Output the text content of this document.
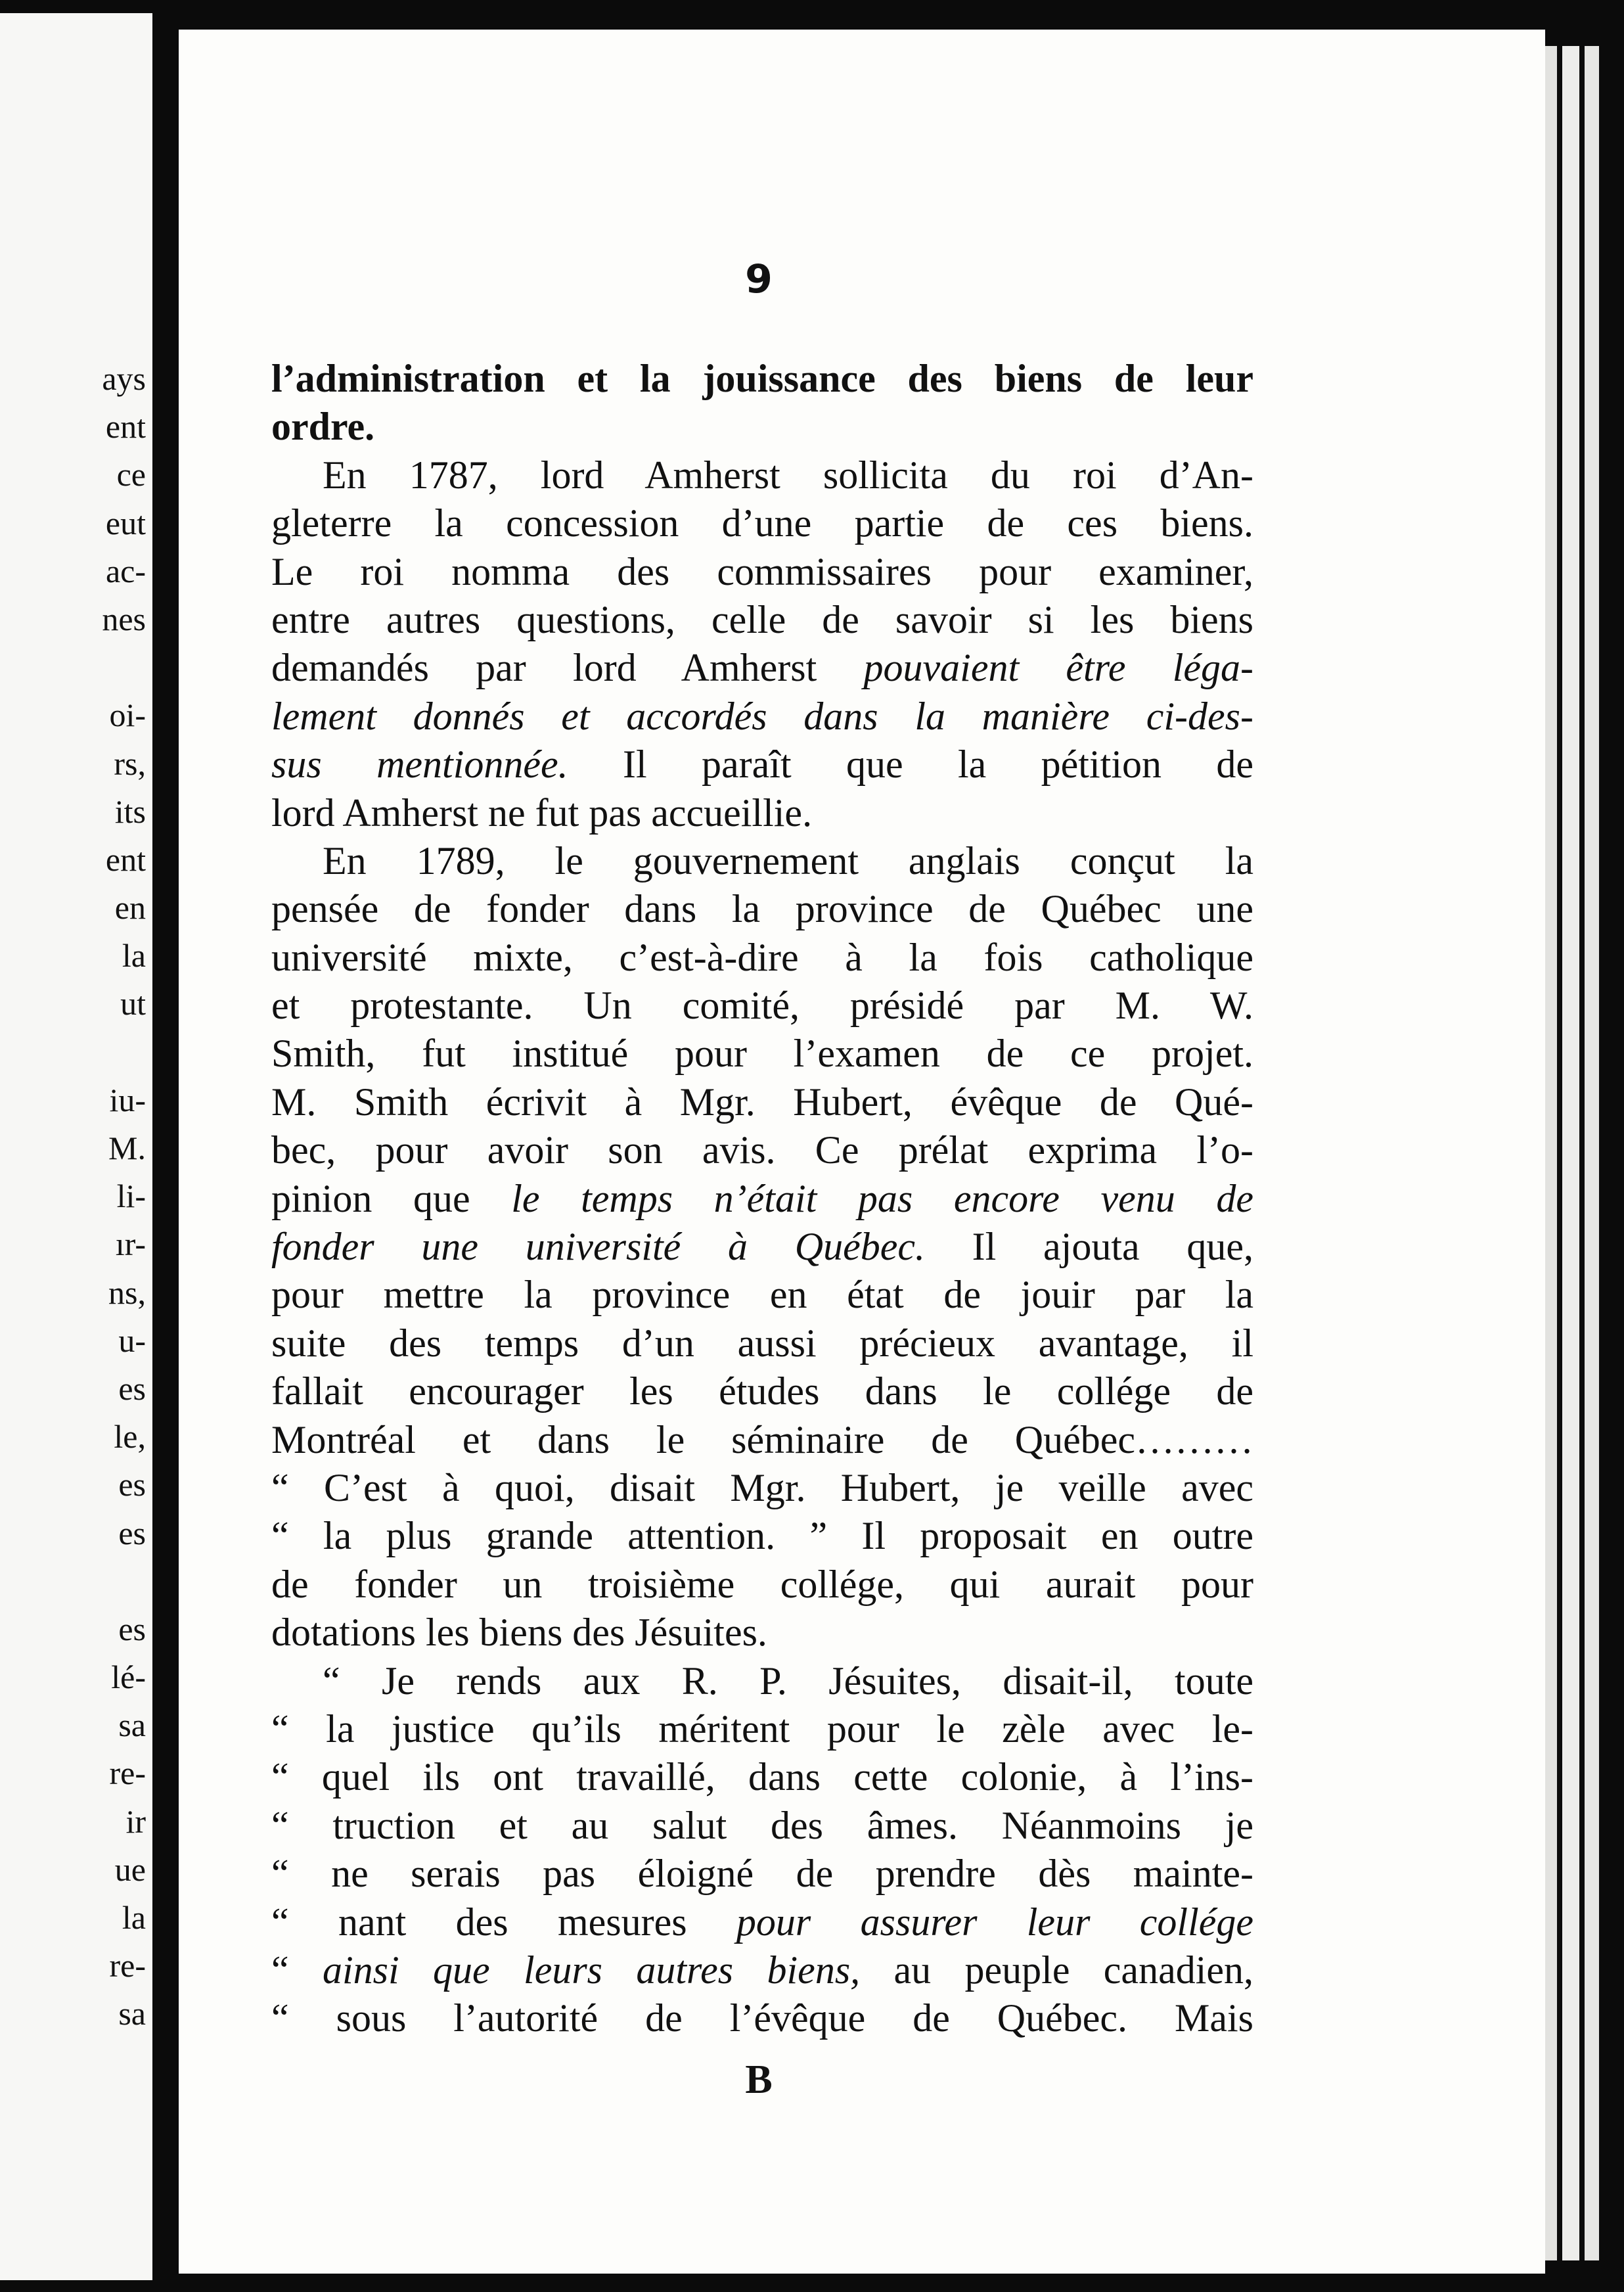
ays
ent
ce
eut
ac-
nes
oi-
rs,
its
ent
en
la
ut
iu-
M.
li-
ır-
ns,
u-
es
le,
es
es
es
lé-
sa
re-
ir
ue
la
re-
sa
9
l’administration et la jouissance des biens de leur
ordre.
En 1787, lord Amherst sollicita du roi d’An-
gleterre la concession d’une partie de ces biens.
Le roi nomma des commissaires pour examiner,
entre autres questions, celle de savoir si les biens
demandés par lord Amherst pouvaient être léga-
lement donnés et accordés dans la manière ci-des-
sus mentionnée. Il paraît que la pétition de
lord Amherst ne fut pas accueillie.
En 1789, le gouvernement anglais conçut la
pensée de fonder dans la province de Québec une
université mixte, c’est-à-dire à la fois catholique
et protestante. Un comité, présidé par M. W.
Smith, fut institué pour l’examen de ce projet.
M. Smith écrivit à Mgr. Hubert, évêque de Qué-
bec, pour avoir son avis. Ce prélat exprima l’o-
pinion que le temps n’était pas encore venu de
fonder une université à Québec. Il ajouta que,
pour mettre la province en état de jouir par la
suite des temps d’un aussi précieux avantage, il
fallait encourager les études dans le collége de
Montréal et dans le séminaire de Québec………
“ C’est à quoi, disait Mgr. Hubert, je veille avec
“ la plus grande attention. ” Il proposait en outre
de fonder un troisième collége, qui aurait pour
dotations les biens des Jésuites.
“ Je rends aux R. P. Jésuites, disait-il, toute
“ la justice qu’ils méritent pour le zèle avec le-
“ quel ils ont travaillé, dans cette colonie, à l’ins-
“ truction et au salut des âmes. Néanmoins je
“ ne serais pas éloigné de prendre dès mainte-
“ nant des mesures pour assurer leur collége
“ ainsi que leurs autres biens, au peuple canadien,
“ sous l’autorité de l’évêque de Québec. Mais
B
